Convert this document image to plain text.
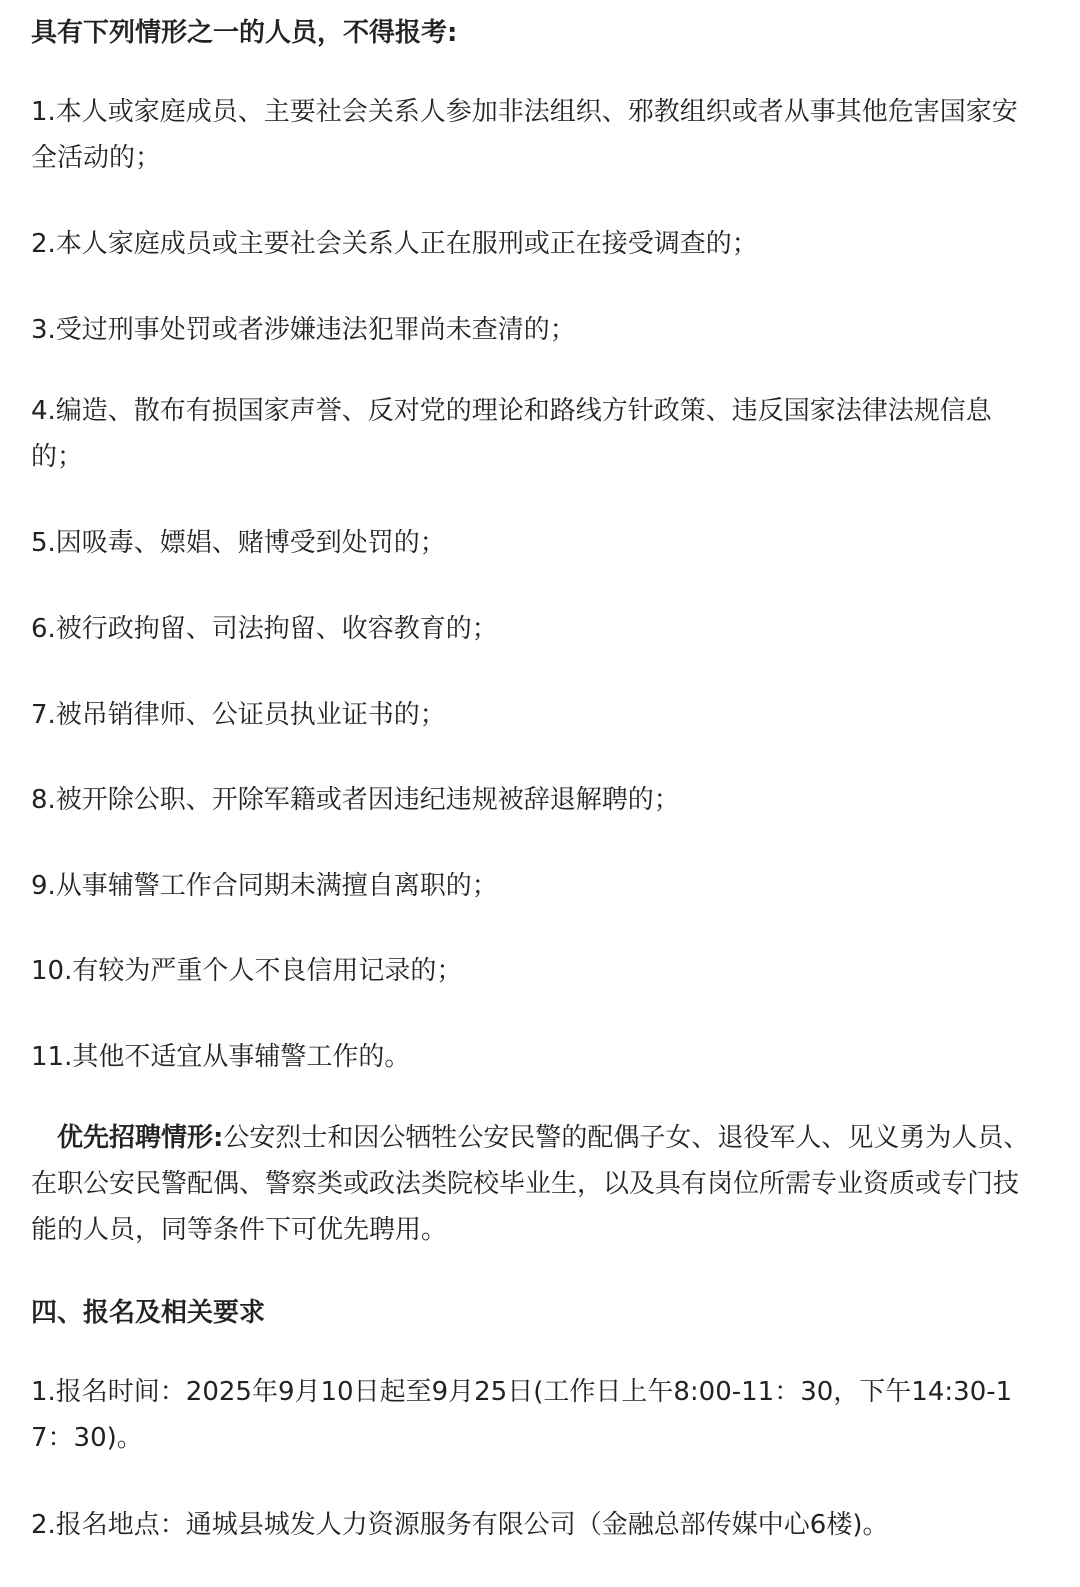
具有下列情形之一的人员，不得报考:

1.本人或家庭成员、主要社会关系人参加非法组织、邪教组织或者从事其他危害国家安全活动的；

2.本人家庭成员或主要社会关系人正在服刑或正在接受调查的；

3.受过刑事处罚或者涉嫌违法犯罪尚未查清的；

4.编造、散布有损国家声誉、反对党的理论和路线方针政策、违反国家法律法规信息的；

5.因吸毒、嫖娼、赌博受到处罚的；

6.被行政拘留、司法拘留、收容教育的；

7.被吊销律师、公证员执业证书的；

8.被开除公职、开除军籍或者因违纪违规被辞退解聘的；

9.从事辅警工作合同期未满擅自离职的；

10.有较为严重个人不良信用记录的；

11.其他不适宜从事辅警工作的。

优先招聘情形:公安烈士和因公牺牲公安民警的配偶子女、退役军人、见义勇为人员、在职公安民警配偶、警察类或政法类院校毕业生，以及具有岗位所需专业资质或专门技能的人员，同等条件下可优先聘用。

四、报名及相关要求

1.报名时间：2025年9月10日起至9月25日(工作日上午8:00-11：30，下午14:30-17：30)。

2.报名地点：通城县城发人力资源服务有限公司（金融总部传媒中心6楼)。
